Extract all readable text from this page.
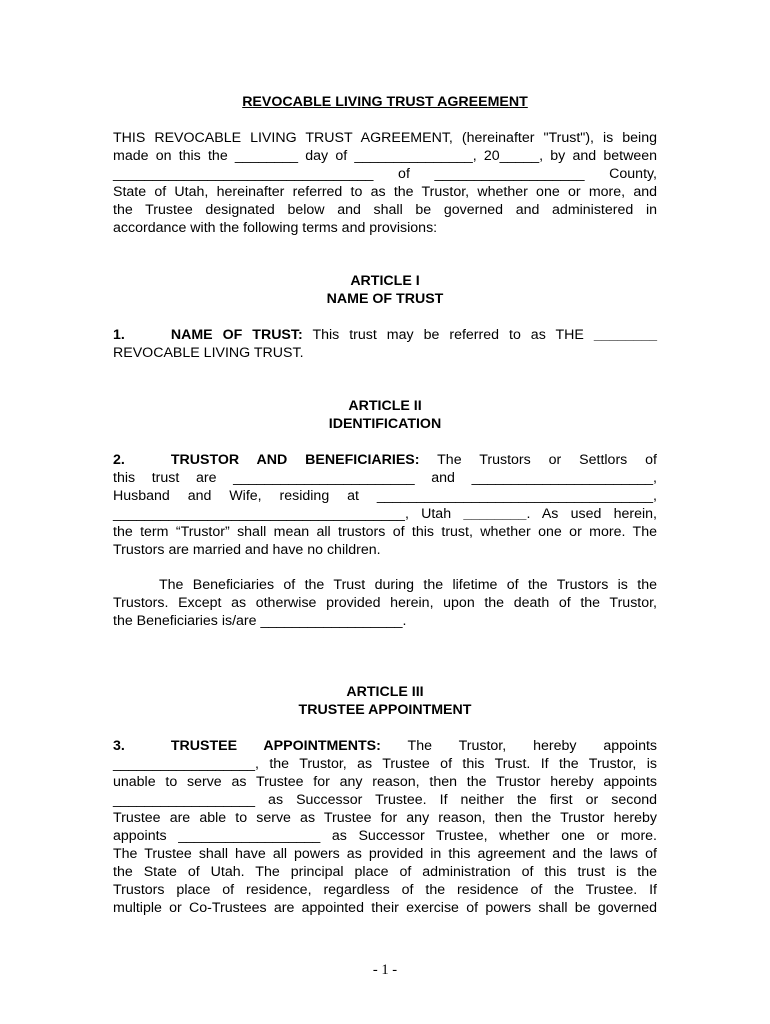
REVOCABLE LIVING TRUST AGREEMENT
THIS REVOCABLE LIVING TRUST AGREEMENT, (hereinafter "Trust"), is being
made on this the ________ day of _______________, 20_____, by and between
_________________________________ of ___________________ County,
State of Utah, hereinafter referred to as the Trustor, whether one or more, and
the Trustee designated below and shall be governed and administered in
accordance with the following terms and provisions:
ARTICLE I
NAME OF TRUST
1.	NAME OF TRUST: This trust may be referred to as THE ________
REVOCABLE LIVING TRUST.
ARTICLE II
IDENTIFICATION
2.	TRUSTOR AND BENEFICIARIES: The Trustors or Settlors of
this trust are _______________________ and _______________________,
Husband and Wife, residing at ___________________________________,
_____________________________________, Utah ________. As used herein,
the term “Trustor” shall mean all trustors of this trust, whether one or more. The
Trustors are married and have no children.
The Beneficiaries of the Trust during the lifetime of the Trustors is the
Trustors. Except as otherwise provided herein, upon the death of the Trustor,
the Beneficiaries is/are __________________.
ARTICLE III
TRUSTEE APPOINTMENT
3.	TRUSTEE APPOINTMENTS: The Trustor, hereby appoints
__________________, the Trustor, as Trustee of this Trust. If the Trustor, is
unable to serve as Trustee for any reason, then the Trustor hereby appoints
__________________ as Successor Trustee. If neither the first or second
Trustee are able to serve as Trustee for any reason, then the Trustor hereby
appoints __________________ as Successor Trustee, whether one or more.
The Trustee shall have all powers as provided in this agreement and the laws of
the State of Utah. The principal place of administration of this trust is the
Trustors place of residence, regardless of the residence of the Trustee. If
multiple or Co-Trustees are appointed their exercise of powers shall be governed
- 1 -
